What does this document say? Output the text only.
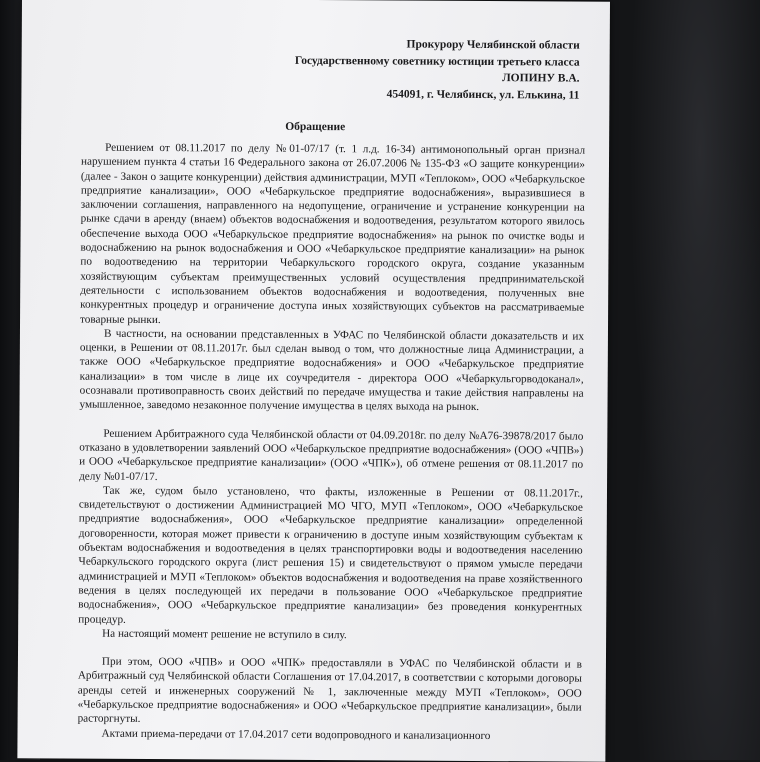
Прокурору Челябинской области
Государственному советнику юстиции третьего класса
ЛОПИНУ В.А.
454091, г. Челябинск, ул. Елькина, 11
Обращение

Решением от 08.11.2017 по делу №01-07/17 (т. 1 л.д. 16-34) антимонопольный орган признал нарушением пункта 4 статьи 16 Федерального закона от 26.07.2006 № 135-ФЗ «О защите конкуренции» (далее - Закон о защите конкуренции) действия администрации, МУП «Теплоком», ООО «Чебаркульское предприятие канализации», ООО «Чебаркульское предприятие водоснабжения», выразившиеся в заключении соглашения, направленного на недопущение, ограничение и устранение конкуренции на рынке сдачи в аренду (внаем) объектов водоснабжения и водоотведения, результатом которого явилось обеспечение выхода ООО «Чебаркульское предприятие водоснабжения» на рынок по очистке воды и водоснабжению на рынок водоснабжения и ООО «Чебаркульское предприятие канализации» на рынок по водоотведению на территории Чебаркульского городского округа, создание указанным хозяйствующим субъектам преимущественных условий осуществления предпринимательской деятельности с использованием объектов водоснабжения и водоотведения, полученных вне конкурентных процедур и ограничение доступа иных хозяйствующих субъектов на рассматриваемые товарные рынки.

В частности, на основании представленных в УФАС по Челябинской области доказательств и их оценки, в Решении от 08.11.2017г. был сделан вывод о том, что должностные лица Администрации, а также ООО «Чебаркульское предприятие водоснабжения» и ООО «Чебаркульское предприятие канализации» в том числе в лице их соучредителя - директора ООО «Чебаркульгорводоканал», осознавали противоправность своих действий по передаче имущества и такие действия направлены на умышленное, заведомо незаконное получение имущества в целях выхода на рынок.

Решением Арбитражного суда Челябинской области от 04.09.2018г. по делу №А76-39878/2017 было отказано в удовлетворении заявлений ООО «Чебаркульское предприятие водоснабжения» (ООО «ЧПВ») и ООО «Чебаркульское предприятие канализации» (ООО «ЧПК»), об отмене решения от 08.11.2017 по делу №01-07/17.

Так же, судом было установлено, что факты, изложенные в Решении от 08.11.2017г., свидетельствуют о достижении Администрацией МО ЧГО, МУП «Теплоком», ООО «Чебаркульское предприятие водоснабжения», ООО «Чебаркульское предприятие канализации» определенной договоренности, которая может привести к ограничению в доступе иным хозяйствующим субъектам к объектам водоснабжения и водоотведения в целях транспортировки воды и водоотведения населению Чебаркульского городского округа (лист решения 15) и свидетельствуют о прямом умысле передачи администрацией и МУП «Теплоком» объектов водоснабжения и водоотведения на праве хозяйственного ведения в целях последующей их передачи в пользование ООО «Чебаркульское предприятие водоснабжения», ООО «Чебаркульское предприятие канализации» без проведения конкурентных процедур.

На настоящий момент решение не вступило в силу.

При этом, ООО «ЧПВ» и ООО «ЧПК» предоставляли в УФАС по Челябинской области и в Арбитражный суд Челябинской области Соглашения от 17.04.2017, в соответствии с которыми договоры аренды сетей и инженерных сооружений № 1, заключенные между МУП «Теплоком», ООО «Чебаркульское предприятие водоснабжения» и ООО «Чебаркульское предприятие канализации», были расторгнуты.

Актами приема-передачи от 17.04.2017 сети водопроводного и канализационного
